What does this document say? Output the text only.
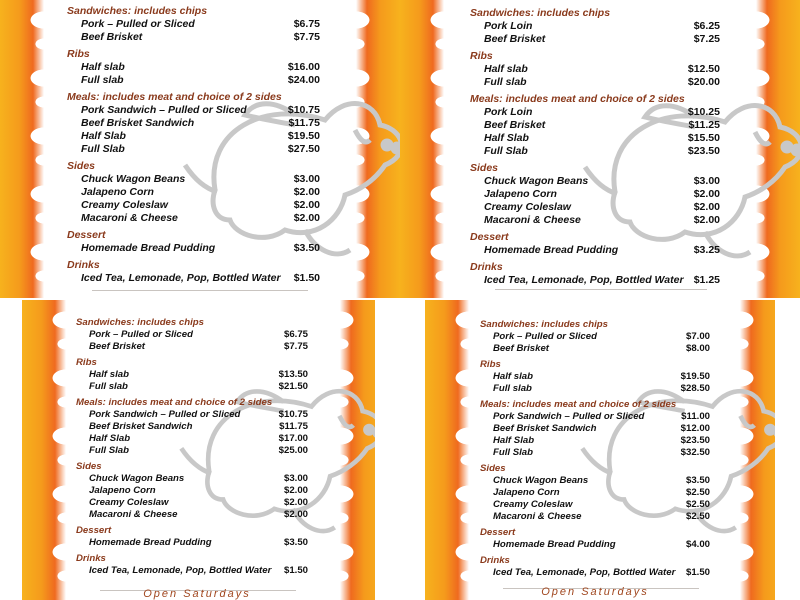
Sandwiches: includes chips
Pork – Pulled or Sliced	$6.75
Beef Brisket	$7.75
Ribs
Half slab	$16.00
Full slab	$24.00
Meals: includes meat and choice of 2 sides
Pork Sandwich – Pulled or Sliced	$10.75
Beef Brisket Sandwich	$11.75
Half Slab	$19.50
Full Slab	$27.50
Sides
Chuck Wagon Beans	$3.00
Jalapeno Corn	$2.00
Creamy Coleslaw	$2.00
Macaroni & Cheese	$2.00
Dessert
Homemade Bread Pudding	$3.50
Drinks
Iced Tea, Lemonade, Pop, Bottled Water $1.50
Sandwiches: includes chips
Pork Loin	$6.25
Beef Brisket	$7.25
Ribs
Half slab	$12.50
Full slab	$20.00
Meals: includes meat and choice of 2 sides
Pork Loin	$10.25
Beef Brisket	$11.25
Half Slab	$15.50
Full Slab	$23.50
Sides
Chuck Wagon Beans	$3.00
Jalapeno Corn	$2.00
Creamy Coleslaw	$2.00
Macaroni & Cheese	$2.00
Dessert
Homemade Bread Pudding	$3.25
Drinks
Iced Tea, Lemonade, Pop, Bottled Water $1.25
Sandwiches: includes chips
Pork – Pulled or Sliced	$6.75
Beef Brisket	$7.75
Ribs
Half slab	$13.50
Full slab	$21.50
Meals: includes meat and choice of 2 sides
Pork Sandwich – Pulled or Sliced	$10.75
Beef Brisket Sandwich	$11.75
Half Slab	$17.00
Full Slab	$25.00
Sides
Chuck Wagon Beans	$3.00
Jalapeno Corn	$2.00
Creamy Coleslaw	$2.00
Macaroni & Cheese	$2.00
Dessert
Homemade Bread Pudding	$3.50
Drinks
Iced Tea, Lemonade, Pop, Bottled Water $1.50
Open Saturdays
Sandwiches: includes chips
Pork – Pulled or Sliced	$7.00
Beef Brisket	$8.00
Ribs
Half slab	$19.50
Full slab	$28.50
Meals: includes meat and choice of 2 sides
Pork Sandwich – Pulled or Sliced	$11.00
Beef Brisket Sandwich	$12.00
Half Slab	$23.50
Full Slab	$32.50
Sides
Chuck Wagon Beans	$3.50
Jalapeno Corn	$2.50
Creamy Coleslaw	$2.50
Macaroni & Cheese	$2.50
Dessert
Homemade Bread Pudding	$4.00
Drinks
Iced Tea, Lemonade, Pop, Bottled Water $1.50
Open Saturdays
